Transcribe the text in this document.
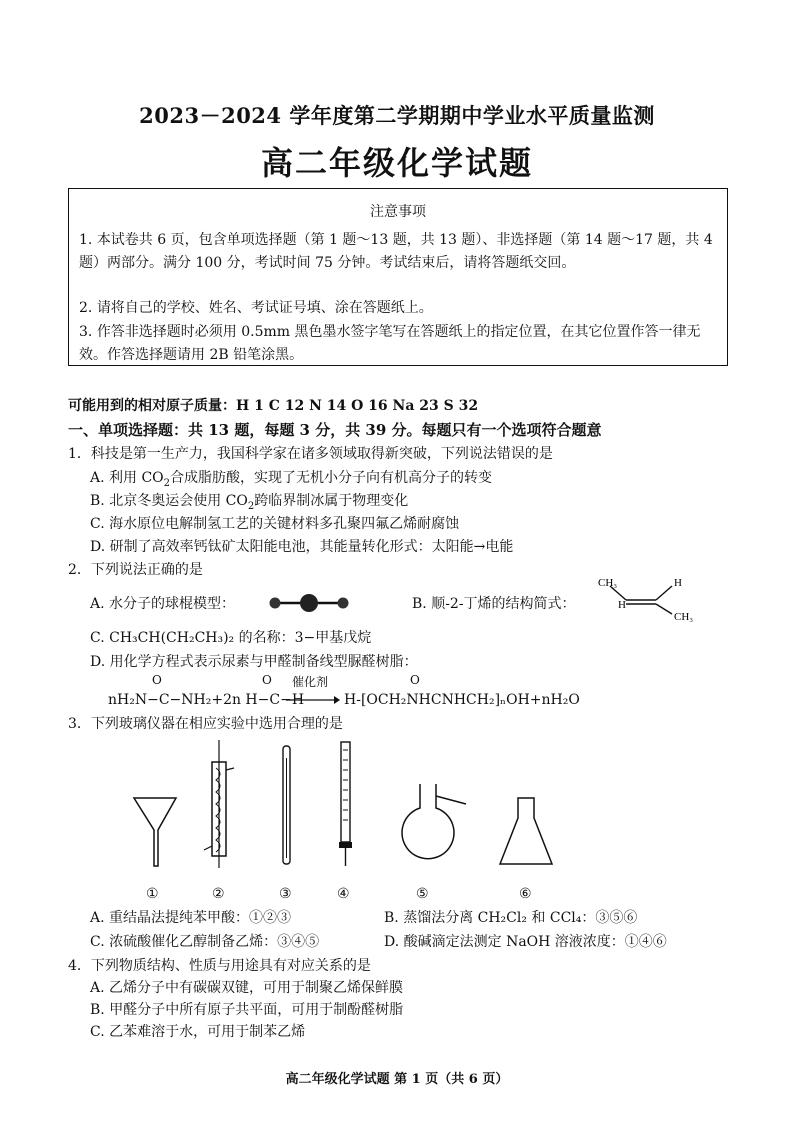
2023－2024 学年度第二学期期中学业水平质量监测
高二年级化学试题
注意事项
1. 本试卷共 6 页，包含单项选择题（第 1 题～13 题，共 13 题）、非选择题（第 14 题～17 题，共 4 题）两部分。满分 100 分，考试时间 75 分钟。考试结束后，请将答题纸交回。
2. 请将自己的学校、姓名、考试证号填、涂在答题纸上。
3. 作答非选择题时必须用 0.5mm 黑色墨水签字笔写在答题纸上的指定位置，在其它位置作答一律无效。作答选择题请用 2B 铅笔涂黑。
可能用到的相对原子质量：H 1 C 12 N 14 O 16 Na 23 S 32
一、单项选择题：共 13 题，每题 3 分，共 39 分。每题只有一个选项符合题意
1．科技是第一生产力，我国科学家在诸多领域取得新突破，下列说法错误的是
A. 利用 $CO_2$合成脂肪酸，实现了无机小分子向有机高分子的转变
B. 北京冬奥运会使用 $CO_2$跨临界制冰属于物理变化
C. 海水原位电解制氢工艺的关键材料多孔聚四氟乙烯耐腐蚀
D. 研制了高效率钙钛矿太阳能电池，其能量转化形式：太阳能→电能
2．下列说法正确的是
A. 水分子的球棍模型：	B. 顺-2-丁烯的结构简式：
CH₃
H
H
CH₃
C. CH₃CH(CH₂CH₃)₂ 的名称：3−甲基戊烷
D. 用化学方程式表示尿素与甲醛制备线型脲醛树脂：
O	O	O
nH₂N−C−NH₂+2n H−C−H
催化剂
→ H-[OCH₂NHCNHCH₂]ₙOH+nH₂O
3．下列玻璃仪器在相应实验中选用合理的是
①	②	③	④	⑤	⑥
A. 重结晶法提纯苯甲酸：①②③	B. 蒸馏法分离 CH₂Cl₂ 和 CCl₄：③⑤⑥
C. 浓硫酸催化乙醇制备乙烯：③④⑤	D. 酸碱滴定法测定 NaOH 溶液浓度：①④⑥
4．下列物质结构、性质与用途具有对应关系的是
A. 乙烯分子中有碳碳双键，可用于制聚乙烯保鲜膜
B. 甲醛分子中所有原子共平面，可用于制酚醛树脂
C. 乙苯难溶于水，可用于制苯乙烯
高二年级化学试题 第 1 页（共 6 页）
